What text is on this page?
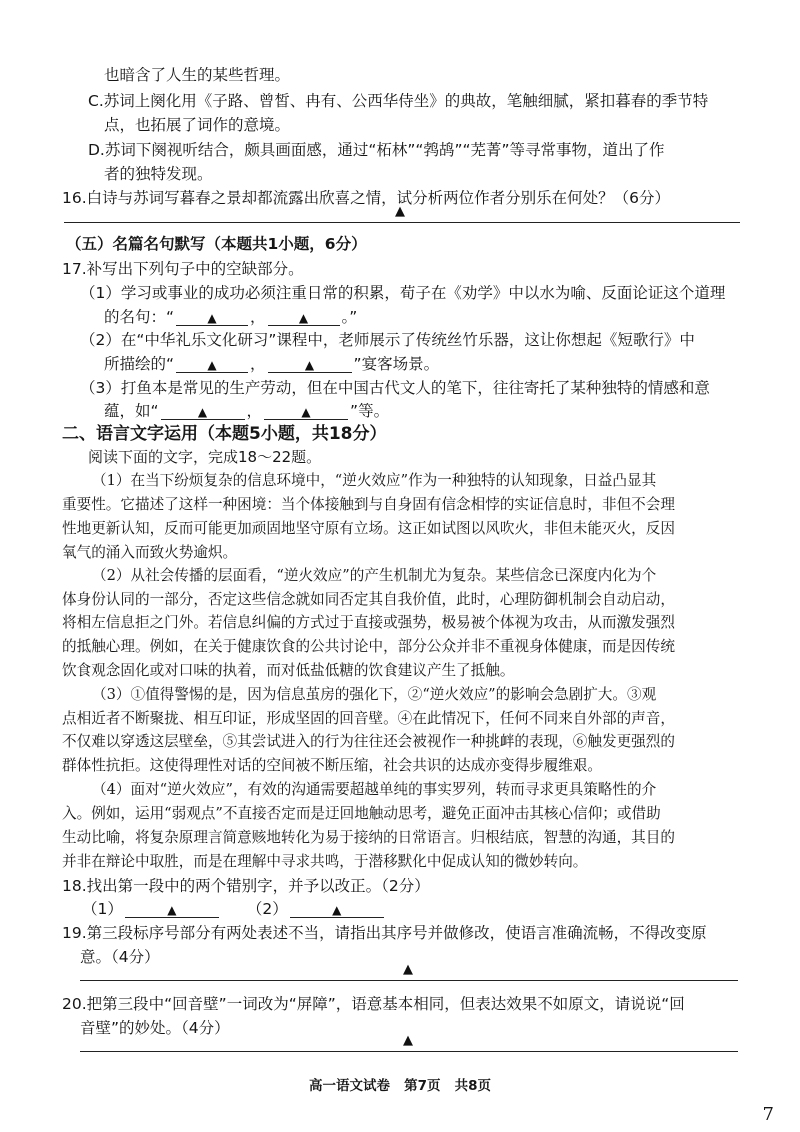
也暗含了人生的某些哲理。
C.苏词上阕化用《子路、曾皙、冉有、公西华侍坐》的典故，笔触细腻，紧扣暮春的季节特
点，也拓展了词作的意境。
D.苏词下阕视听结合，颇具画面感，通过“柘林”“鹁鸪”“芜菁”等寻常事物，道出了作
者的独特发现。
16.白诗与苏词写暮春之景却都流露出欣喜之情，试分析两位作者分别乐在何处？（6分）
▲
（五）名篇名句默写（本题共1小题，6分）
17.补写出下列句子中的空缺部分。
（1）学习或事业的成功必须注重日常的积累，荀子在《劝学》中以水为喻、反面论证这个道理
的名句：“	▲ ，	▲ 。”
（2）在“中华礼乐文化研习”课程中，老师展示了传统丝竹乐器，这让你想起《短歌行》中
所描绘的“	▲ ，	▲	”宴客场景。
（3）打鱼本是常见的生产劳动，但在中国古代文人的笔下，往往寄托了某种独特的情感和意
蕴，如“	▲	，	▲	”等。
二、语言文字运用（本题5小题，共18分）
阅读下面的文字，完成18～22题。
（1）在当下纷烦复杂的信息环境中，“逆火效应”作为一种独特的认知现象，日益凸显其
重要性。它描述了这样一种困境：当个体接触到与自身固有信念相悖的实证信息时，非但不会理
性地更新认知，反而可能更加顽固地坚守原有立场。这正如试图以风吹火，非但未能灭火，反因
氧气的涌入而致火势逾炽。
（2）从社会传播的层面看，“逆火效应”的产生机制尤为复杂。某些信念已深度内化为个
体身份认同的一部分，否定这些信念就如同否定其自我价值，此时，心理防御机制会自动启动，
将相左信息拒之门外。若信息纠偏的方式过于直接或强势，极易被个体视为攻击，从而激发强烈
的抵触心理。例如，在关于健康饮食的公共讨论中，部分公众并非不重视身体健康，而是因传统
饮食观念固化或对口味的执着，而对低盐低糖的饮食建议产生了抵触。
（3）①值得警惕的是，因为信息茧房的强化下，②“逆火效应”的影响会急剧扩大。③观
点相近者不断聚拢、相互印证，形成坚固的回音壁。④在此情况下，任何不同来自外部的声音，
不仅难以穿透这层壁垒，⑤其尝试进入的行为往往还会被视作一种挑衅的表现，⑥触发更强烈的
群体性抗拒。这使得理性对话的空间被不断压缩，社会共识的达成亦变得步履维艰。
（4）面对“逆火效应”，有效的沟通需要超越单纯的事实罗列，转而寻求更具策略性的介
入。例如，运用“弱观点”不直接否定而是迂回地触动思考，避免正面冲击其核心信仰；或借助
生动比喻，将复杂原理言简意赅地转化为易于接纳的日常语言。归根结底，智慧的沟通，其目的
并非在辩论中取胜，而是在理解中寻求共鸣，于潜移默化中促成认知的微妙转向。
18.找出第一段中的两个错别字，并予以改正。（2分）
（1）	▲	（2）	▲
19.第三段标序号部分有两处表述不当，请指出其序号并做修改，使语言准确流畅，不得改变原
意。（4分）
▲
20.把第三段中“回音壁”一词改为“屏障”，语意基本相同，但表达效果不如原文，请说说“回
音壁”的妙处。（4分）
▲
高一语文试卷   第7页   共8页
7
